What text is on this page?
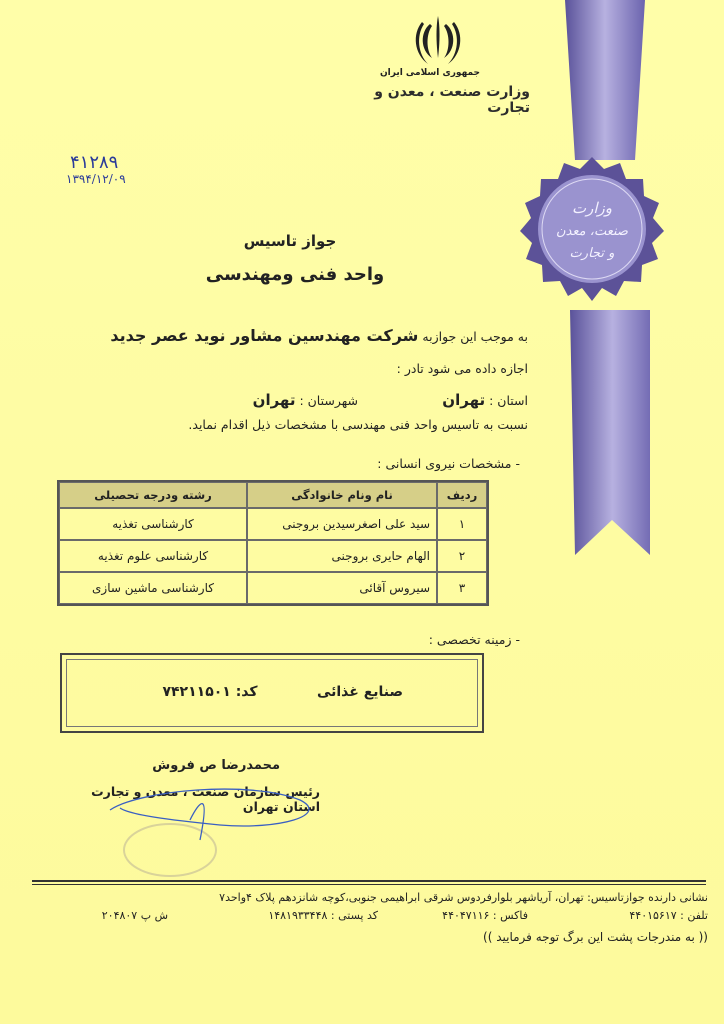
وزارت
صنعت، معدن
و تجارت
جمهوری اسلامی ایران
وزارت صنعت ، معدن و تجارت
۴۱۲۸۹
۱۳۹۴/۱۲/۰۹
جواز تاسیس
واحد فنی ومهندسی
به موجب این جوازبه شرکت مهندسین مشاور نوید عصر جدید
اجازه داده می شود تادر :
استان : تهران
شهرستان : تهران
نسبت به تاسیس واحد فنی مهندسی با مشخصات ذیل اقدام نماید.
- مشخصات نیروی انسانی :
ردیف	نام ونام خانوادگی	رشته ودرجه تحصیلی
۱	سید علی اصغرسیدین بروجنی	کارشناسی تغذیه
۲	الهام حایری بروجنی	کارشناسی علوم تغذیه
۳	سیروس آقائی	کارشناسی ماشین سازی
- زمینه تخصصی :
صنایع غذائی
کد: ۷۴۲۱۱۵۰۱
محمدرضا ص فروش
رئیس سازمان صنعت ، معدن و تجارت استان تهران
نشانی دارنده جوازتاسیس: تهران، آریاشهر بلوارفردوس شرقی ابراهیمی جنوبی،کوچه شانزدهم پلاک ۴واحد۷
تلفن : ۴۴۰۱۵۶۱۷
فاکس : ۴۴۰۴۷۱۱۶
کد پستی : ۱۴۸۱۹۳۳۴۴۸
ش پ ۲۰۴۸۰۷
(( به مندرجات پشت این برگ توجه فرمایید ))
